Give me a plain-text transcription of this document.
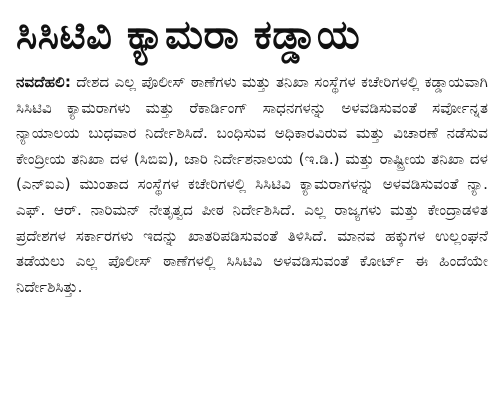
ಸಿಸಿಟಿವಿ ಕ್ಯಾಮರಾ ಕಡ್ಡಾಯ

ನವದೆಹಲಿ: ದೇಶದ ಎಲ್ಲ ಪೊಲೀಸ್ ಠಾಣೆಗಳು ಮತ್ತು ತನಿಖಾ ಸಂಸ್ಥೆಗಳ ಕಚೇರಿಗಳಲ್ಲಿ ಕಡ್ಡಾಯವಾಗಿ ಸಿಸಿಟಿವಿ ಕ್ಯಾಮರಾಗಳು ಮತ್ತು ರೆಕಾರ್ಡಿಂಗ್ ಸಾಧನಗಳನ್ನು ಅಳವಡಿಸುವಂತೆ ಸರ್ವೋನ್ನತ ನ್ಯಾಯಾಲಯ ಬುಧವಾರ ನಿರ್ದೇಶಿಸಿದೆ. ಬಂಧಿಸುವ ಅಧಿಕಾರವಿರುವ ಮತ್ತು ವಿಚಾರಣೆ ನಡೆಸುವ ಕೇಂದ್ರೀಯ ತನಿಖಾ ದಳ (ಸಿಬಿಐ), ಜಾರಿ ನಿರ್ದೇಶನಾಲಯ (ಇ.ಡಿ.) ಮತ್ತು ರಾಷ್ಟ್ರೀಯ ತನಿಖಾ ದಳ (ಎನ್ಐಎ) ಮುಂತಾದ ಸಂಸ್ಥೆಗಳ ಕಚೇರಿಗಳಲ್ಲಿ ಸಿಸಿಟಿವಿ ಕ್ಯಾಮರಾಗಳನ್ನು ಅಳವಡಿಸುವಂತೆ ನ್ಯಾ. ಎಫ್. ಆರ್. ನಾರಿಮನ್ ನೇತೃತ್ವದ ಪೀಠ ನಿರ್ದೇಶಿಸಿದೆ. ಎಲ್ಲ ರಾಜ್ಯಗಳು ಮತ್ತು ಕೇಂದ್ರಾಡಳಿತ ಪ್ರದೇಶಗಳ ಸರ್ಕಾರಗಳು ಇದನ್ನು ಖಾತರಿಪಡಿಸುವಂತೆ ತಿಳಿಸಿದೆ. ಮಾನವ ಹಕ್ಕುಗಳ ಉಲ್ಲಂಘನೆ ತಡೆಯಲು ಎಲ್ಲ ಪೊಲೀಸ್ ಠಾಣೆಗಳಲ್ಲಿ ಸಿಸಿಟಿವಿ ಅಳವಡಿಸುವಂತೆ ಕೋರ್ಟ್ ಈ ಹಿಂದೆಯೇ ನಿರ್ದೇಶಿಸಿತ್ತು.
